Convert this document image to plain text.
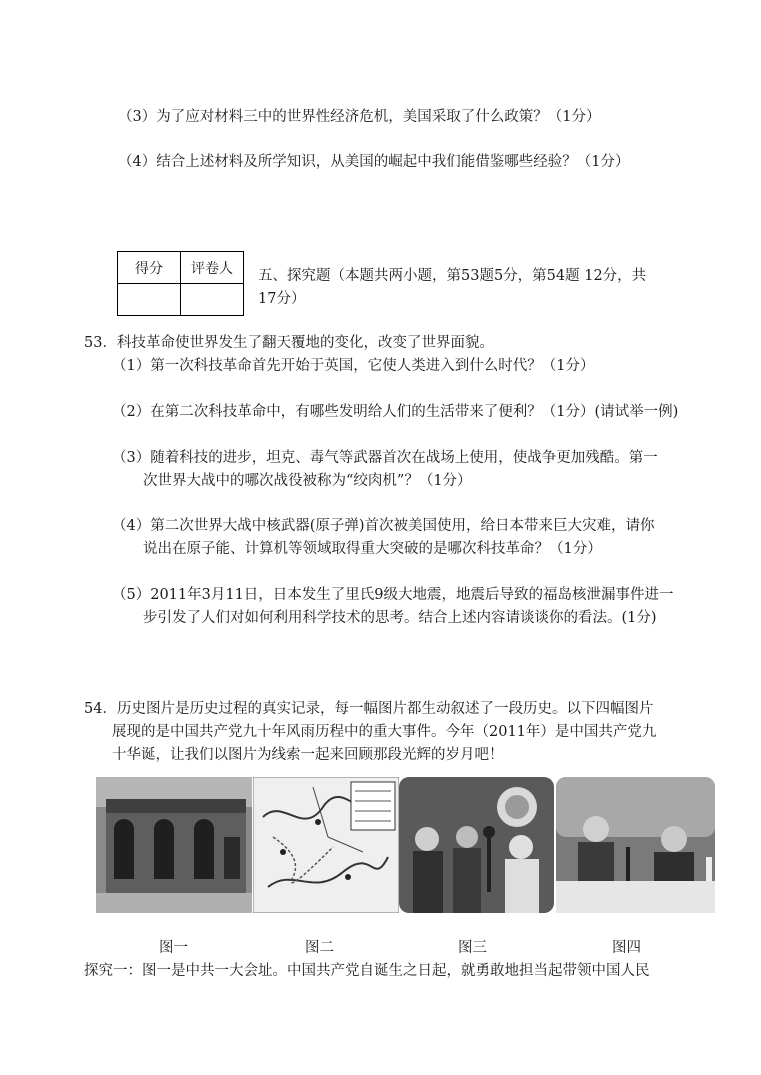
（3）为了应对材料三中的世界性经济危机，美国采取了什么政策？（1分）
（4）结合上述材料及所学知识，从美国的崛起中我们能借鉴哪些经验？（1分）
得分	评卷人
	五、探究题（本题共两小题，第53题5分，第54题 12分，共
17分）
53．科技革命使世界发生了翻天覆地的变化，改变了世界面貌。
（1）第一次科技革命首先开始于英国，它使人类进入到什么时代？（1分）
（2）在第二次科技革命中，有哪些发明给人们的生活带来了便利？（1分）(请试举一例)
（3）随着科技的进步，坦克、毒气等武器首次在战场上使用，使战争更加残酷。第一
次世界大战中的哪次战役被称为“绞肉机”？（1分）
（4）第二次世界大战中核武器(原子弹)首次被美国使用，给日本带来巨大灾难，请你
说出在原子能、计算机等领域取得重大突破的是哪次科技革命？（1分）
（5）2011年3月11日，日本发生了里氏9级大地震，地震后导致的福岛核泄漏事件进一
步引发了人们对如何利用科学技术的思考。结合上述内容请谈谈你的看法。(1分)
54．历史图片是历史过程的真实记录，每一幅图片都生动叙述了一段历史。以下四幅图片
展现的是中国共产党九十年风雨历程中的重大事件。今年（2011年）是中国共产党九
十华诞，让我们以图片为线索一起来回顾那段光辉的岁月吧！
图一	图二	图三	图四
探究一：图一是中共一大会址。中国共产党自诞生之日起，就勇敢地担当起带领中国人民
